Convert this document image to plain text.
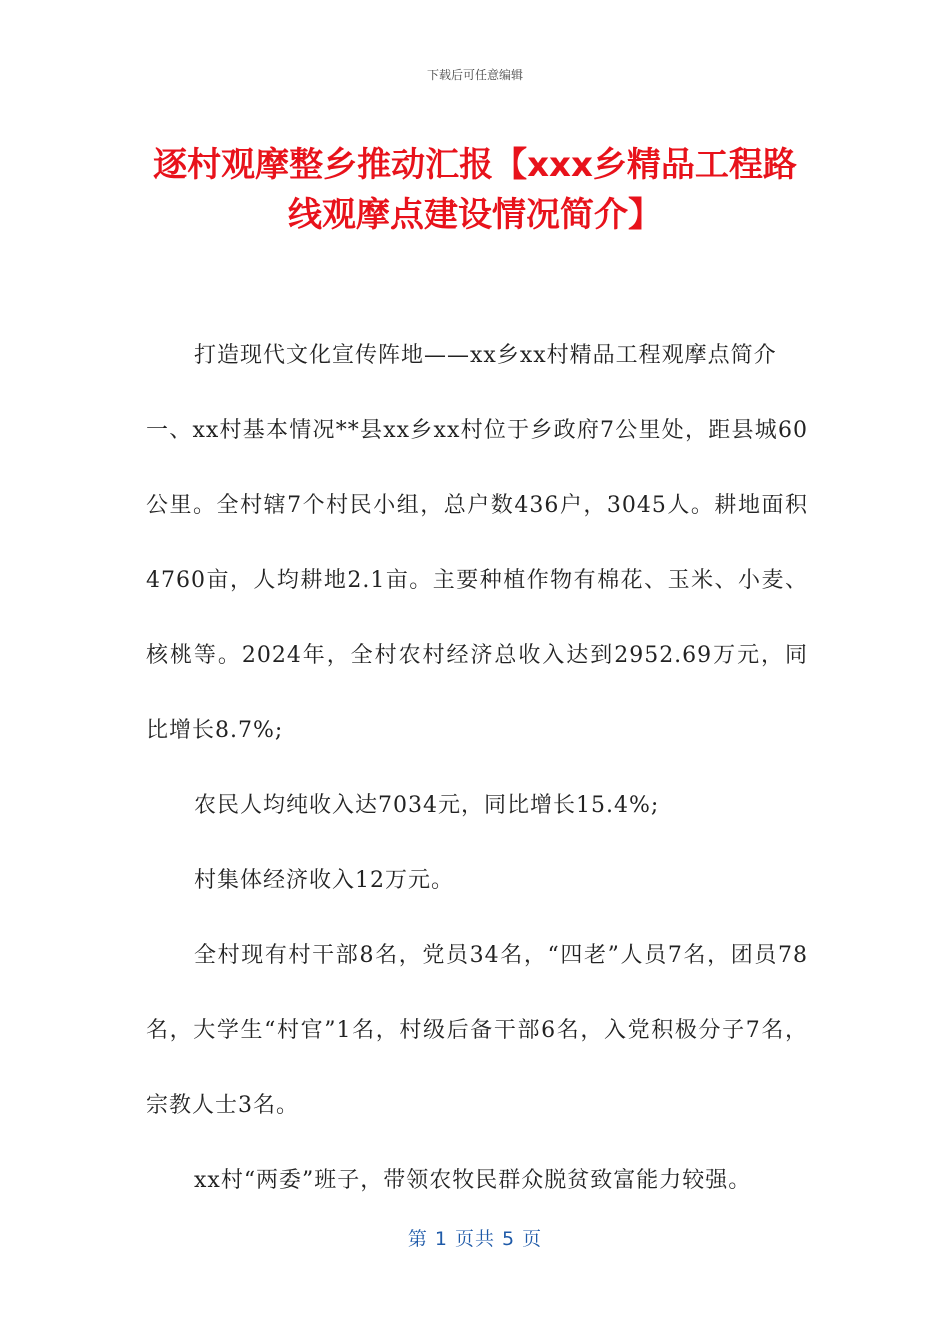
下载后可任意编辑
逐村观摩整乡推动汇报【xxx乡精品工程路
线观摩点建设情况简介】

打造现代文化宣传阵地——xx乡xx村精品工程观摩点简介

一、xx村基本情况**县xx乡xx村位于乡政府7公里处，距县城60公里。全村辖7个村民小组，总户数436户，3045人。耕地面积4760亩，人均耕地2.1亩。主要种植作物有棉花、玉米、小麦、核桃等。2024年，全村农村经济总收入达到2952.69万元，同比增长8.7%;

农民人均纯收入达7034元，同比增长15.4%;

村集体经济收入12万元。

全村现有村干部8名，党员34名，“四老”人员7名，团员78名，大学生“村官”1名，村级后备干部6名，入党积极分子7名，宗教人士3名。

xx村“两委”班子，带领农牧民群众脱贫致富能力较强。

第 1 页共 5 页
